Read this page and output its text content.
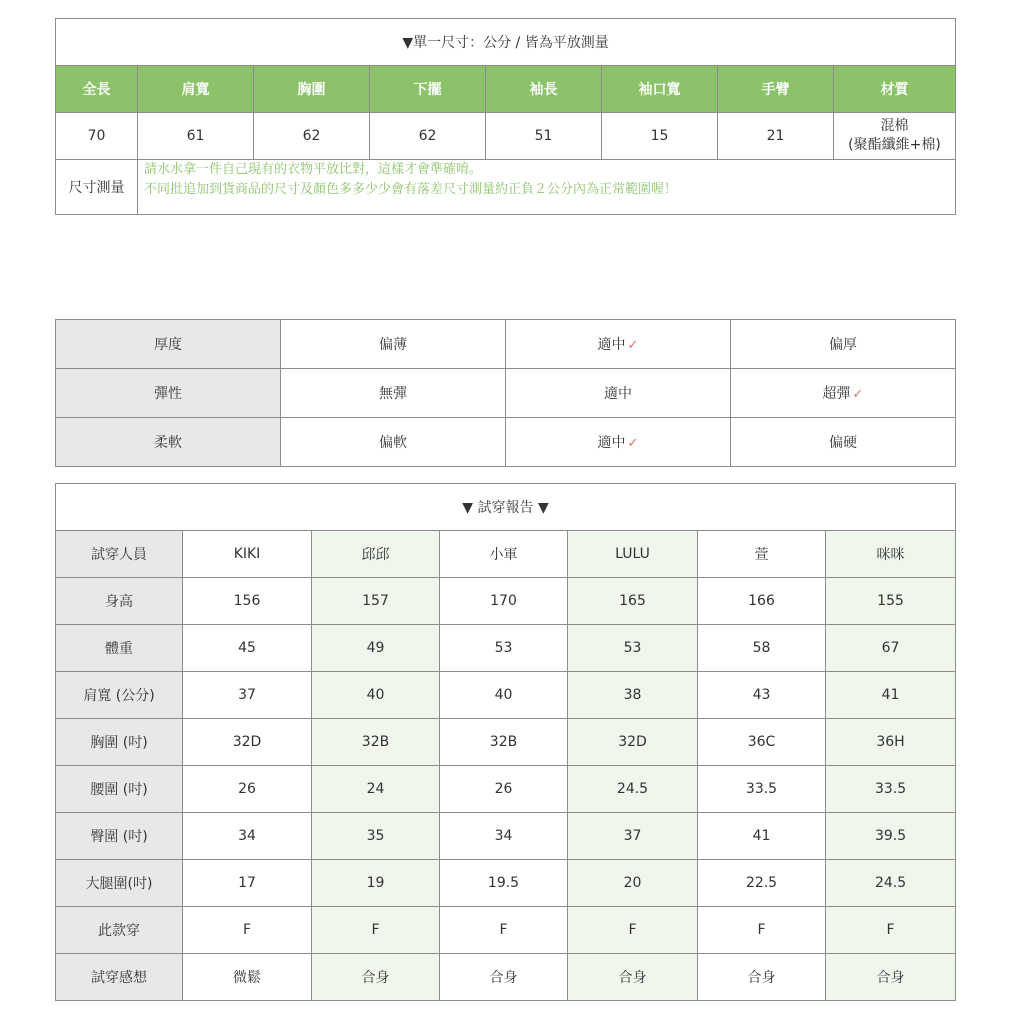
▼單一尺寸：公分 / 皆為平放測量							
全長	肩寬	胸圍	下擺	袖長	袖口寬	手臂	材質
70	61	62	62	51	15	21	混棉
(聚酯纖維+棉)

尺寸測量	請水水拿一件自己現有的衣物平放比對，這樣才會準確唷。
不同批追加到貨商品的尺寸及顏色多多少少會有落差尺寸測量約正負２公分內為正常範圍喔！						
厚度	偏薄	適中 ✓	偏厚
彈性	無彈	適中	超彈 ✓
柔軟	偏軟	適中 ✓	偏硬
▼ 試穿報告 ▼						
試穿人員	KIKI	邱邱	小軍	LULU	萱	咪咪
身高	156	157	170	165	166	155
體重	45	49	53	53	58	67
肩寬 (公分)	37	40	40	38	43	41
胸圍 (吋)	32D	32B	32B	32D	36C	36H
腰圍 (吋)	26	24	26	24.5	33.5	33.5
臀圍 (吋)	34	35	34	37	41	39.5
大腿圍(吋)	17	19	19.5	20	22.5	24.5
此款穿	F	F	F	F	F	F
試穿感想	微鬆	合身	合身	合身	合身	合身
